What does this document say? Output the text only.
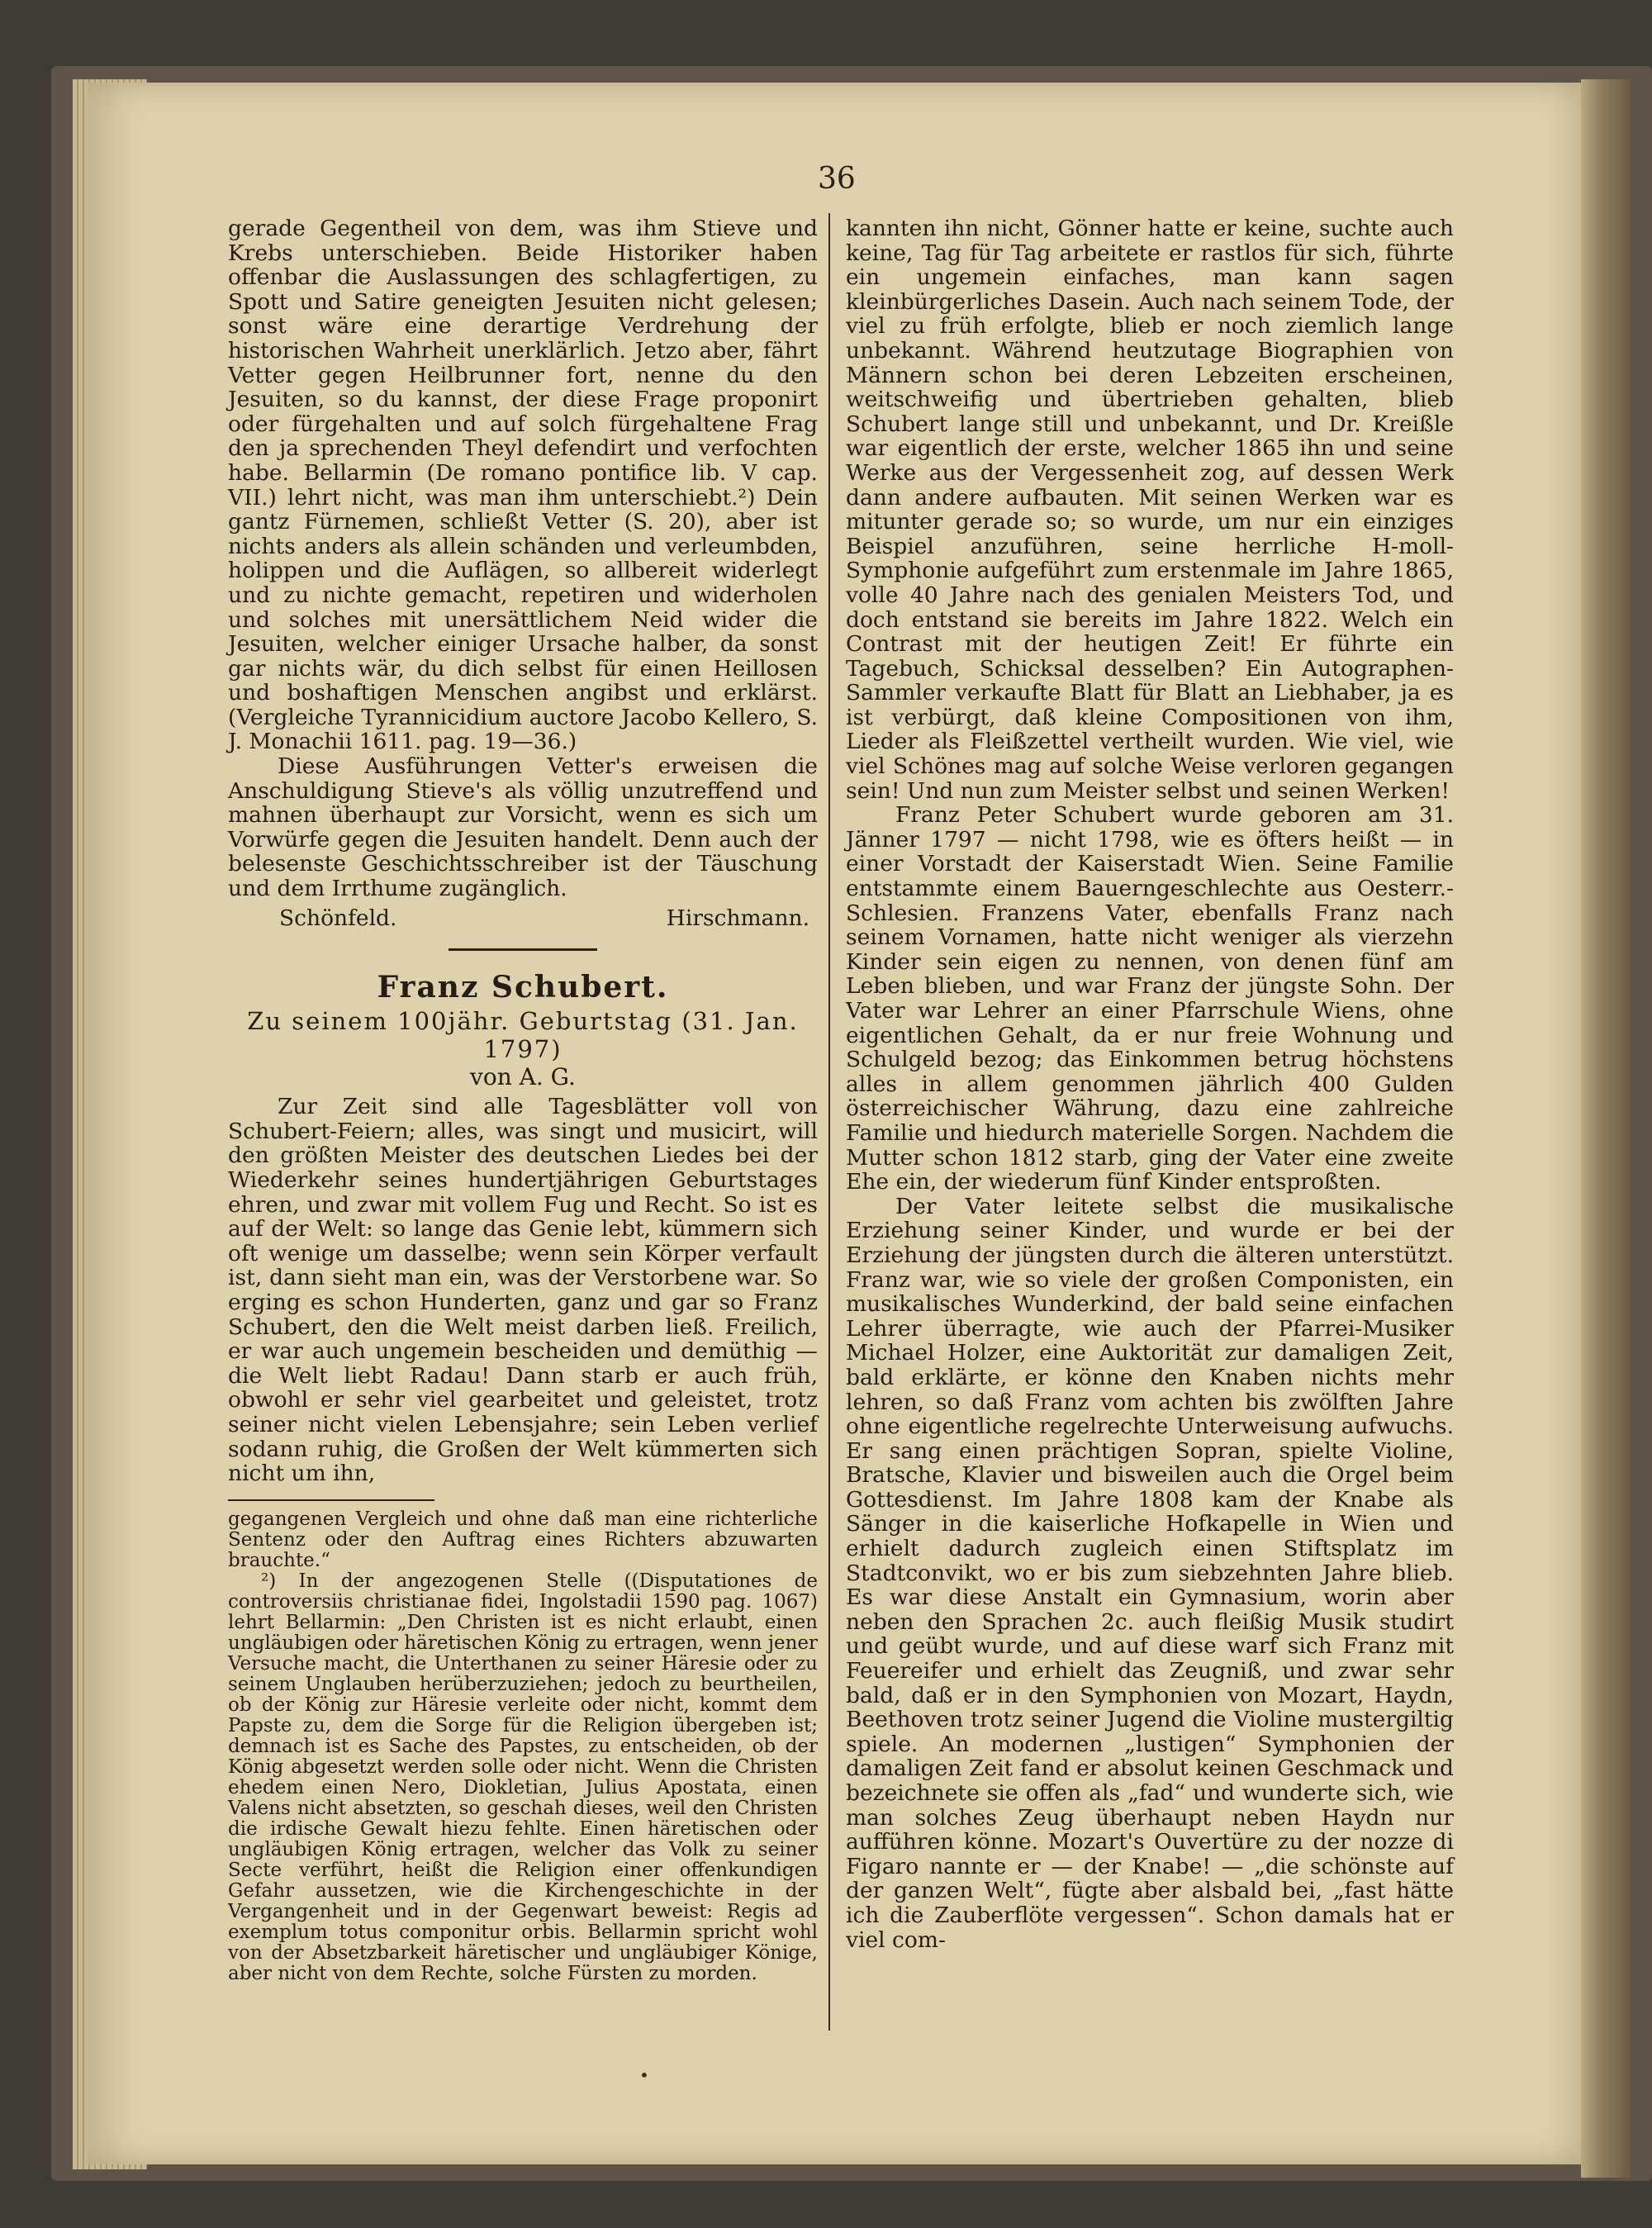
36

gerade Gegentheil von dem, was ihm Stieve und Krebs unterschieben. Beide Historiker haben offenbar die Auslassungen des schlagfertigen, zu Spott und Satire geneigten Jesuiten nicht gelesen; sonst wäre eine derartige Verdrehung der historischen Wahrheit unerklärlich. Jetzo aber, fährt Vetter gegen Heilbrunner fort, nenne du den Jesuiten, so du kannst, der diese Frage proponirt oder fürgehalten und auf solch fürgehaltene Frag den ja sprechenden Theyl defendirt und verfochten habe. Bellarmin (De romano pontifice lib. V cap. VII.) lehrt nicht, was man ihm unterschiebt.²) Dein gantz Fürnemen, schließt Vetter (S. 20), aber ist nichts anders als allein schänden und verleumbden, holippen und die Auflägen, so allbereit widerlegt und zu nichte gemacht, repetiren und widerholen und solches mit unersättlichem Neid wider die Jesuiten, welcher einiger Ursache halber, da sonst gar nichts wär, du dich selbst für einen Heillosen und boshaftigen Menschen angibst und erklärst. (Vergleiche Tyrannicidium auctore Jacobo Kellero, S. J. Monachii 1611. pag. 19—36.)

Diese Ausführungen Vetter's erweisen die Anschuldigung Stieve's als völlig unzutreffend und mahnen überhaupt zur Vorsicht, wenn es sich um Vorwürfe gegen die Jesuiten handelt. Denn auch der belesenste Geschichtsschreiber ist der Täuschung und dem Irrthume zugänglich.

Schönfeld.	Hirschmann.
Franz Schubert.
Zu seinem 100jähr. Geburtstag (31. Jan. 1797)
von A. G.

Zur Zeit sind alle Tagesblätter voll von Schubert-Feiern; alles, was singt und musicirt, will den größten Meister des deutschen Liedes bei der Wiederkehr seines hundertjährigen Geburtstages ehren, und zwar mit vollem Fug und Recht. So ist es auf der Welt: so lange das Genie lebt, kümmern sich oft wenige um dasselbe; wenn sein Körper verfault ist, dann sieht man ein, was der Verstorbene war. So erging es schon Hunderten, ganz und gar so Franz Schubert, den die Welt meist darben ließ. Freilich, er war auch ungemein bescheiden und demüthig — die Welt liebt Radau! Dann starb er auch früh, obwohl er sehr viel gearbeitet und geleistet, trotz seiner nicht vielen Lebensjahre; sein Leben verlief sodann ruhig, die Großen der Welt kümmerten sich nicht um ihn,

gegangenen Vergleich und ohne daß man eine richterliche Sentenz oder den Auftrag eines Richters abzuwarten brauchte.“

²) In der angezogenen Stelle ((Disputationes de controversiis christianae fidei, Ingolstadii 1590 pag. 1067) lehrt Bellarmin: „Den Christen ist es nicht erlaubt, einen ungläubigen oder häretischen König zu ertragen, wenn jener Versuche macht, die Unterthanen zu seiner Häresie oder zu seinem Unglauben herüberzuziehen; jedoch zu beurtheilen, ob der König zur Häresie verleite oder nicht, kommt dem Papste zu, dem die Sorge für die Religion übergeben ist; demnach ist es Sache des Papstes, zu entscheiden, ob der König abgesetzt werden solle oder nicht. Wenn die Christen ehedem einen Nero, Diokletian, Julius Apostata, einen Valens nicht absetzten, so geschah dieses, weil den Christen die irdische Gewalt hiezu fehlte. Einen häretischen oder ungläubigen König ertragen, welcher das Volk zu seiner Secte verführt, heißt die Religion einer offenkundigen Gefahr aussetzen, wie die Kirchengeschichte in der Vergangenheit und in der Gegenwart beweist: Regis ad exemplum totus componitur orbis. Bellarmin spricht wohl von der Absetzbarkeit häretischer und ungläubiger Könige, aber nicht von dem Rechte, solche Fürsten zu morden.

kannten ihn nicht, Gönner hatte er keine, suchte auch keine, Tag für Tag arbeitete er rastlos für sich, führte ein ungemein einfaches, man kann sagen kleinbürgerliches Dasein. Auch nach seinem Tode, der viel zu früh erfolgte, blieb er noch ziemlich lange unbekannt. Während heutzutage Biographien von Männern schon bei deren Lebzeiten erscheinen, weitschweifig und übertrieben gehalten, blieb Schubert lange still und unbekannt, und Dr. Kreißle war eigentlich der erste, welcher 1865 ihn und seine Werke aus der Vergessenheit zog, auf dessen Werk dann andere aufbauten. Mit seinen Werken war es mitunter gerade so; so wurde, um nur ein einziges Beispiel anzuführen, seine herrliche H-moll-Symphonie aufgeführt zum erstenmale im Jahre 1865, volle 40 Jahre nach des genialen Meisters Tod, und doch entstand sie bereits im Jahre 1822. Welch ein Contrast mit der heutigen Zeit! Er führte ein Tagebuch, Schicksal desselben? Ein Autographen-Sammler verkaufte Blatt für Blatt an Liebhaber, ja es ist verbürgt, daß kleine Compositionen von ihm, Lieder als Fleißzettel vertheilt wurden. Wie viel, wie viel Schönes mag auf solche Weise verloren gegangen sein! Und nun zum Meister selbst und seinen Werken!

Franz Peter Schubert wurde geboren am 31. Jänner 1797 — nicht 1798, wie es öfters heißt — in einer Vorstadt der Kaiserstadt Wien. Seine Familie entstammte einem Bauerngeschlechte aus Oesterr.-Schlesien. Franzens Vater, ebenfalls Franz nach seinem Vornamen, hatte nicht weniger als vierzehn Kinder sein eigen zu nennen, von denen fünf am Leben blieben, und war Franz der jüngste Sohn. Der Vater war Lehrer an einer Pfarrschule Wiens, ohne eigentlichen Gehalt, da er nur freie Wohnung und Schulgeld bezog; das Einkommen betrug höchstens alles in allem genommen jährlich 400 Gulden österreichischer Währung, dazu eine zahlreiche Familie und hiedurch materielle Sorgen. Nachdem die Mutter schon 1812 starb, ging der Vater eine zweite Ehe ein, der wiederum fünf Kinder entsproßten.

Der Vater leitete selbst die musikalische Erziehung seiner Kinder, und wurde er bei der Erziehung der jüngsten durch die älteren unterstützt. Franz war, wie so viele der großen Componisten, ein musikalisches Wunderkind, der bald seine einfachen Lehrer überragte, wie auch der Pfarrei-Musiker Michael Holzer, eine Auktorität zur damaligen Zeit, bald erklärte, er könne den Knaben nichts mehr lehren, so daß Franz vom achten bis zwölften Jahre ohne eigentliche regelrechte Unterweisung aufwuchs. Er sang einen prächtigen Sopran, spielte Violine, Bratsche, Klavier und bisweilen auch die Orgel beim Gottesdienst. Im Jahre 1808 kam der Knabe als Sänger in die kaiserliche Hofkapelle in Wien und erhielt dadurch zugleich einen Stiftsplatz im Stadtconvikt, wo er bis zum siebzehnten Jahre blieb. Es war diese Anstalt ein Gymnasium, worin aber neben den Sprachen 2c. auch fleißig Musik studirt und geübt wurde, und auf diese warf sich Franz mit Feuereifer und erhielt das Zeugniß, und zwar sehr bald, daß er in den Symphonien von Mozart, Haydn, Beethoven trotz seiner Jugend die Violine mustergiltig spiele. An modernen „lustigen“ Symphonien der damaligen Zeit fand er absolut keinen Geschmack und bezeichnete sie offen als „fad“ und wunderte sich, wie man solches Zeug überhaupt neben Haydn nur aufführen könne. Mozart's Ouvertüre zu der nozze di Figaro nannte er — der Knabe! — „die schönste auf der ganzen Welt“, fügte aber alsbald bei, „fast hätte ich die Zauberflöte vergessen“. Schon damals hat er viel com-

•
